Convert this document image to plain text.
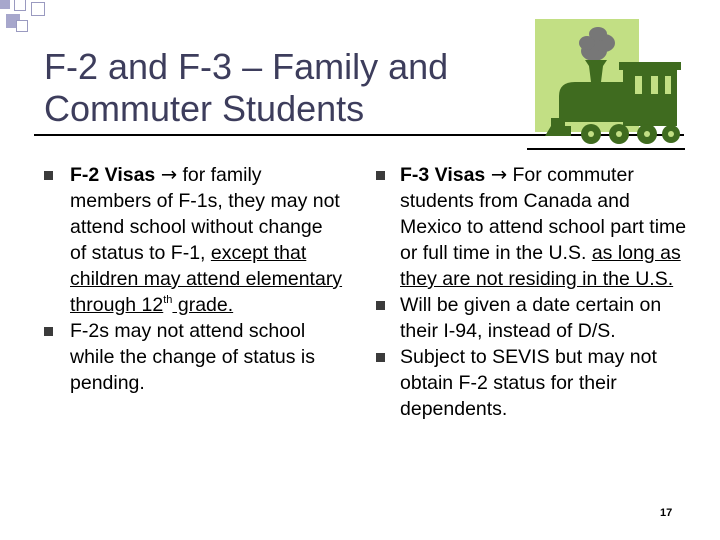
F-2 and F-3 – Family and Commuter Students
F-2 Visas → for family members of F-1s, they may not attend school without change of status to F-1, except that children may attend elementary through 12th grade.
F-2s may not attend school while the change of status is pending.
F-3 Visas → For commuter students from Canada and Mexico to attend school part time or full time in the U.S. as long as they are not residing in the U.S.
Will be given a date certain on their I-94, instead of D/S.
Subject to SEVIS but may not obtain F-2 status for their dependents.
17
